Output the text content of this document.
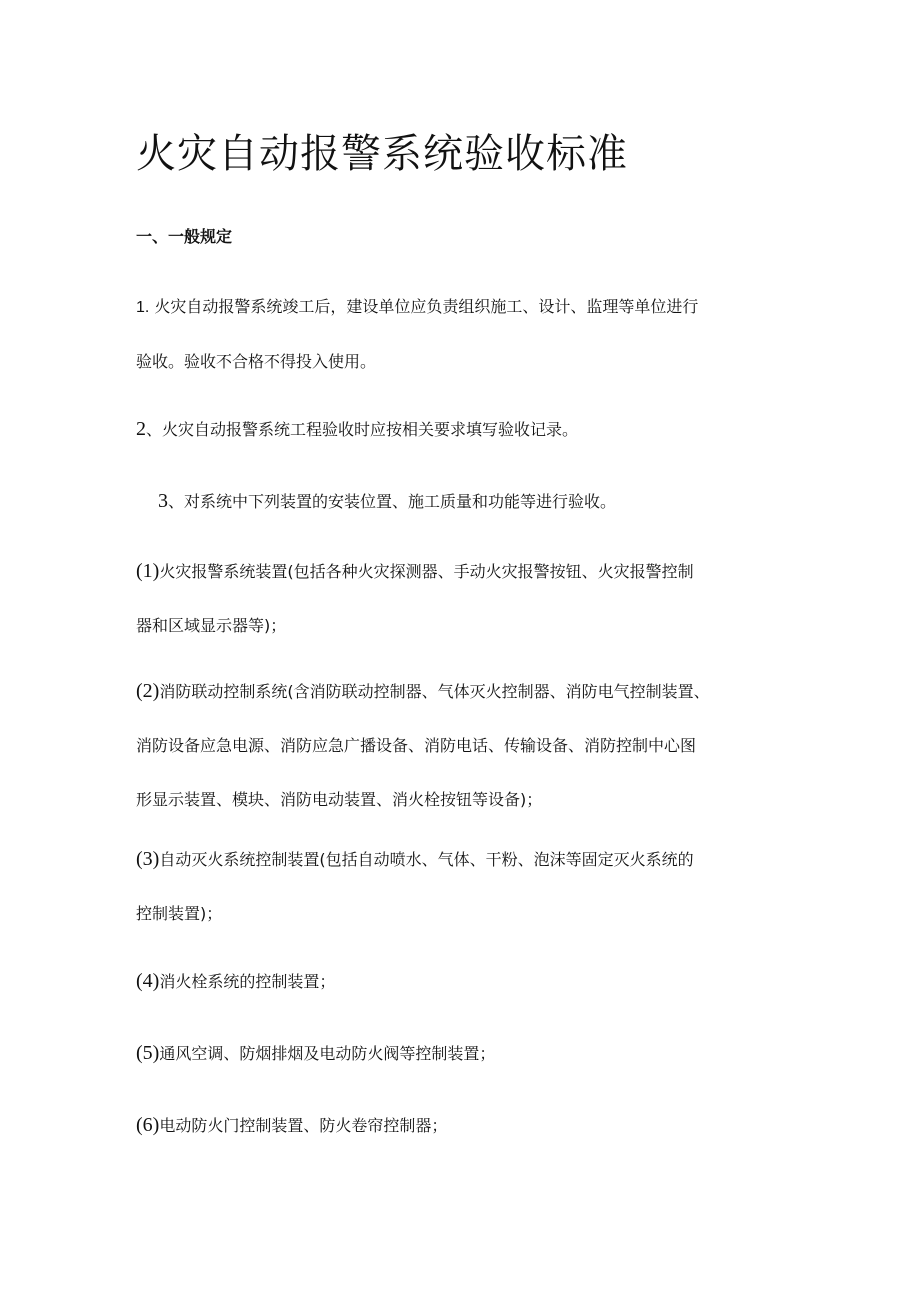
火灾自动报警系统验收标准
一、一般规定

1. 火灾自动报警系统竣工后，建设单位应负责组织施工、设计、监理等单位进行
验收。验收不合格不得投入使用。

2、火灾自动报警系统工程验收时应按相关要求填写验收记录。

3、对系统中下列装置的安装位置、施工质量和功能等进行验收。

(1)火灾报警系统装置(包括各种火灾探测器、手动火灾报警按钮、火灾报警控制
器和区域显示器等)；

(2)消防联动控制系统(含消防联动控制器、气体灭火控制器、消防电气控制装置、
消防设备应急电源、消防应急广播设备、消防电话、传输设备、消防控制中心图
形显示装置、模块、消防电动装置、消火栓按钮等设备)；

(3)自动灭火系统控制装置(包括自动喷水、气体、干粉、泡沫等固定灭火系统的
控制装置)；

(4)消火栓系统的控制装置；

(5)通风空调、防烟排烟及电动防火阀等控制装置；

(6)电动防火门控制装置、防火卷帘控制器；
